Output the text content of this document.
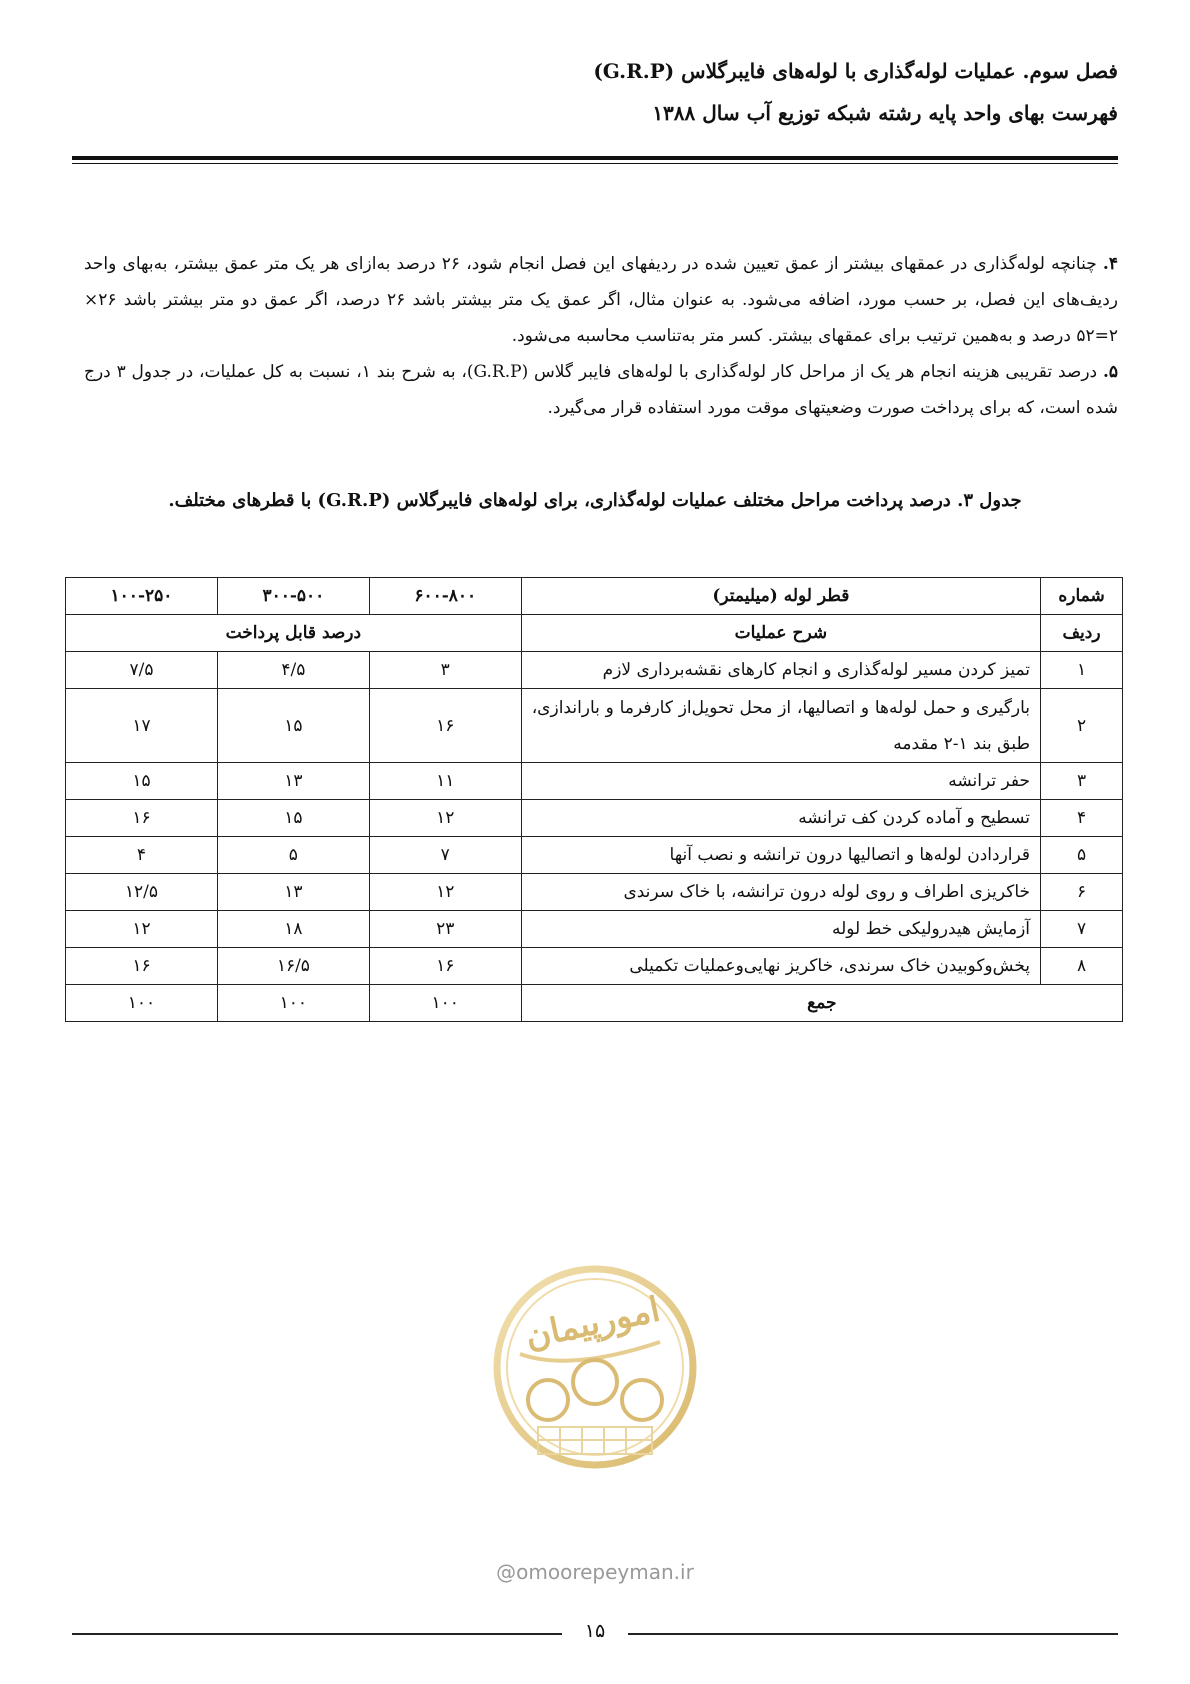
فصل سوم. عملیات لوله‌گذاری با لوله‌های فایبرگلاس (G.R.P)
فهرست بهای واحد پایه رشته شبکه توزیع آب سال ۱۳۸۸

۴. چنانچه لوله‌گذاری در عمقهای بیشتر از عمق تعیین شده در ردیفهای این فصل انجام شود، ۲۶ درصد به‌ازای هر یک متر عمق بیشتر، به‌بهای واحد ردیف‌های این فصل، بر حسب مورد، اضافه می‌شود. به عنوان مثال، اگر عمق یک متر بیشتر باشد ۲۶ درصد، اگر عمق دو متر بیشتر باشد ۲۶× ۲=۵۲ درصد و به‌همین ترتیب برای عمقهای بیشتر. کسر متر به‌تناسب محاسبه می‌شود.

۵. درصد تقریبی هزینه انجام هر یک از مراحل کار لوله‌گذاری با لوله‌های فایبر گلاس (G.R.P)، به شرح بند ۱، نسبت به کل عملیات، در جدول ۳ درج شده است، که برای پرداخت صورت وضعیتهای موقت مورد استفاده قرار می‌گیرد.

جدول ۳. درصد پرداخت مراحل مختلف عملیات لوله‌گذاری، برای لوله‌های فایبرگلاس (G.R.P) با قطرهای مختلف.
شماره	قطر لوله (میلیمتر)	۶۰۰-۸۰۰	۳۰۰-۵۰۰	۱۰۰-۲۵۰
ردیف	شرح عملیات	درصد قابل پرداخت		
۱	تمیز کردن مسیر لوله‌گذاری و انجام کارهای نقشه‌برداری لازم	۳	۴/۵	۷/۵
۲	بارگیری و حمل لوله‌ها و اتصالیها، از محل تحویل‌از کارفرما و باراندازی، طبق بند ۱-۲ مقدمه	۱۶	۱۵	۱۷
۳	حفر ترانشه	۱۱	۱۳	۱۵
۴	تسطیح و آماده کردن کف ترانشه	۱۲	۱۵	۱۶
۵	قراردادن لوله‌ها و اتصالیها درون ترانشه و نصب آنها	۷	۵	۴
۶	خاکریزی اطراف و روی لوله درون ترانشه، با خاک سرندی	۱۲	۱۳	۱۲/۵
۷	آزمایش هیدرولیکی خط لوله	۲۳	۱۸	۱۲
۸	پخش‌وکوبیدن خاک سرندی، خاکریز نهایی‌وعملیات تکمیلی	۱۶	۱۶/۵	۱۶
جمع		۱۰۰	۱۰۰	۱۰۰
امورپیمان
@omoorepeyman.ir
۱۵
